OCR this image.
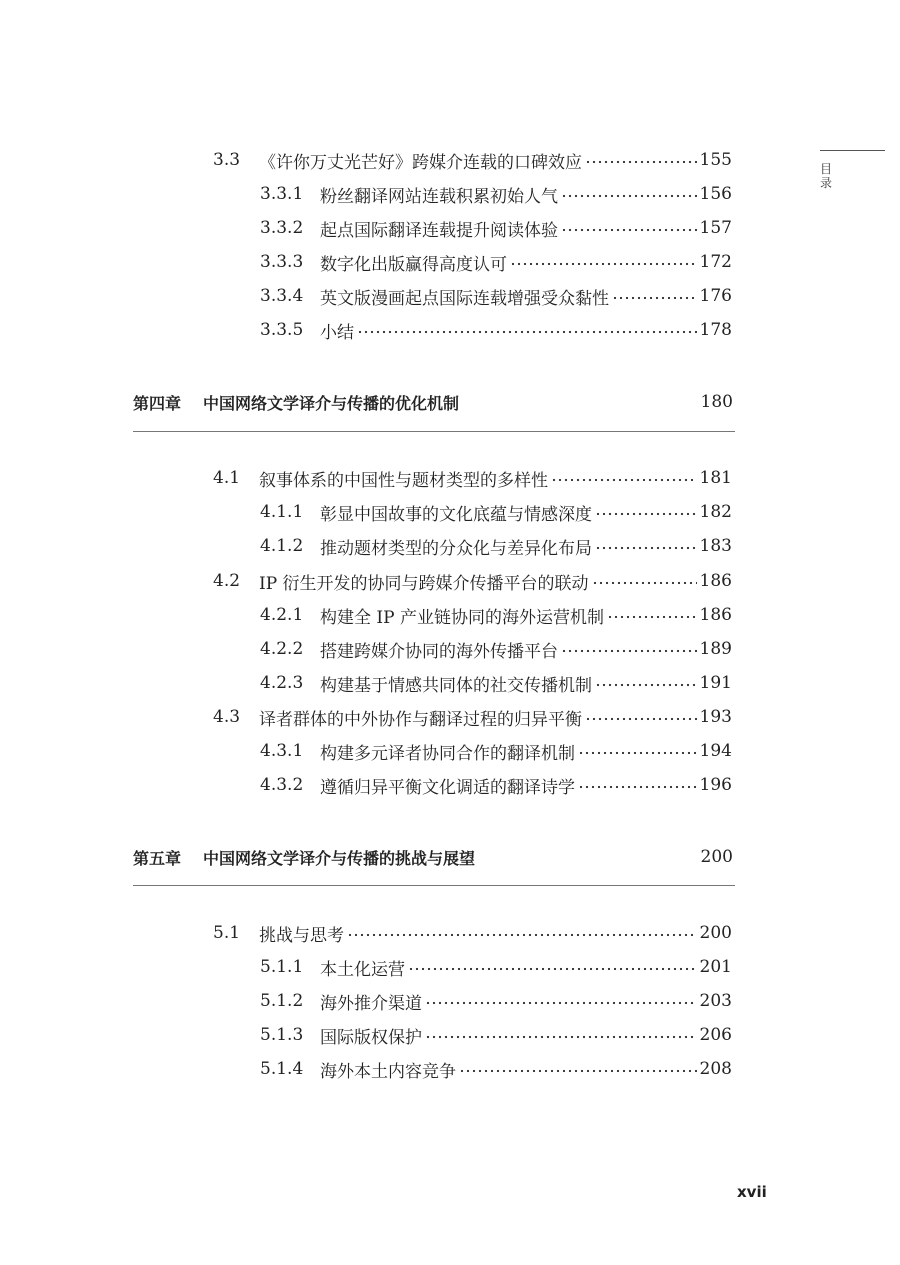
目录
3.3	《许你万丈光芒好》跨媒介连载的口碑效应	155
3.3.1 粉丝翻译网站连载积累初始人气	156
3.3.2 起点国际翻译连载提升阅读体验	157
3.3.3 数字化出版赢得高度认可	172
3.3.4 英文版漫画起点国际连载增强受众黏性	176
3.3.5 小结	178
第四章 中国网络文学译介与传播的优化机制	180
4.1	叙事体系的中国性与题材类型的多样性	181
4.1.1 彰显中国故事的文化底蕴与情感深度	182
4.1.2 推动题材类型的分众化与差异化布局	183
4.2	IP 衍生开发的协同与跨媒介传播平台的联动	186
4.2.1 构建全 IP 产业链协同的海外运营机制	186
4.2.2 搭建跨媒介协同的海外传播平台	189
4.2.3 构建基于情感共同体的社交传播机制	191
4.3	译者群体的中外协作与翻译过程的归异平衡	193
4.3.1 构建多元译者协同合作的翻译机制	194
4.3.2 遵循归异平衡文化调适的翻译诗学	196
第五章 中国网络文学译介与传播的挑战与展望	200
5.1	挑战与思考	200
5.1.1 本土化运营	201
5.1.2 海外推介渠道	203
5.1.3 国际版权保护	206
5.1.4 海外本土内容竞争	208
xvii
